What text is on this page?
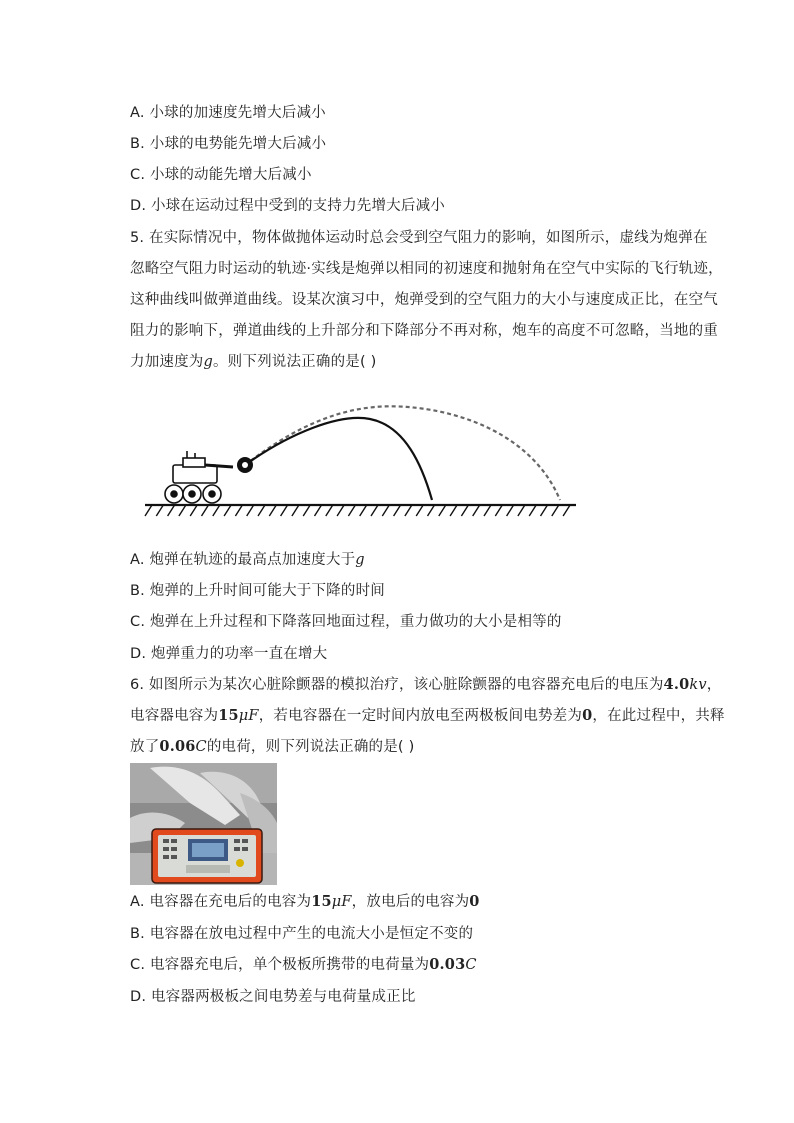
A. 小球的加速度先增大后减小
B. 小球的电势能先增大后减小
C. 小球的动能先增大后减小
D. 小球在运动过程中受到的支持力先增大后减小
5. 在实际情况中，物体做抛体运动时总会受到空气阻力的影响，如图所示，虚线为炮弹在
忽略空气阻力时运动的轨迹·实线是炮弹以相同的初速度和抛射角在空气中实际的飞行轨迹，
这种曲线叫做弹道曲线。设某次演习中，炮弹受到的空气阻力的大小与速度成正比，在空气
阻力的影响下，弹道曲线的上升部分和下降部分不再对称，炮车的高度不可忽略，当地的重
力加速度为g。则下列说法正确的是( )
A. 炮弹在轨迹的最高点加速度大于g
B. 炮弹的上升时间可能大于下降的时间
C. 炮弹在上升过程和下降落回地面过程，重力做功的大小是相等的
D. 炮弹重力的功率一直在增大
6. 如图所示为某次心脏除颤器的模拟治疗，该心脏除颤器的电容器充电后的电压为4.0kv，
电容器电容为15μF，若电容器在一定时间内放电至两极板间电势差为0，在此过程中，共释
放了0.06C的电荷，则下列说法正确的是( )
A. 电容器在充电后的电容为15μF，放电后的电容为0
B. 电容器在放电过程中产生的电流大小是恒定不变的
C. 电容器充电后，单个极板所携带的电荷量为0.03C
D. 电容器两极板之间电势差与电荷量成正比
